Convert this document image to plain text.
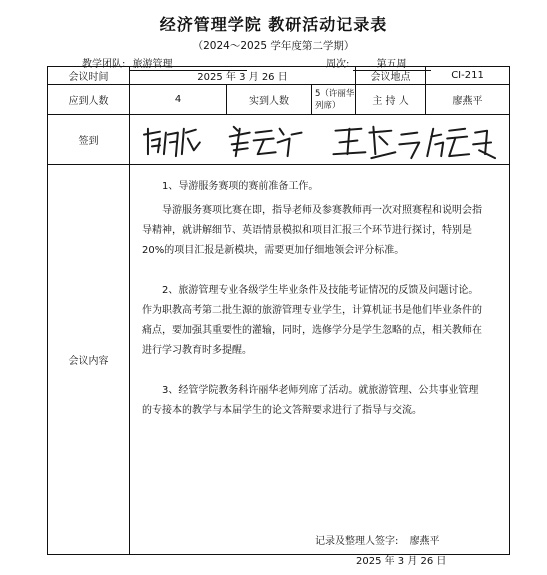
经济管理学院 教研活动记录表
（2024～2025 学年度第二学期）
教学团队: 旅游管理	周次:	第五周
会议时间	2025 年 3 月 26 日			会议地点	CI-211
应到人数	4	实到人数	5（许丽华列席）	主 持 人	廖燕平
签到	

会议内容	1、导游服务赛项的赛前准备工作。

导游服务赛项比赛在即，指导老师及参赛教师再一次对照赛程和说明会指导精神，就讲解细节、英语情景模拟和项目汇报三个环节进行探讨，特别是 20%的项目汇报是新模块，需要更加仔细地领会评分标准。

2、旅游管理专业各级学生毕业条件及技能考证情况的反馈及问题讨论。作为职教高考第二批生源的旅游管理专业学生，计算机证书是他们毕业条件的痛点，要加强其重要性的灌输，同时，选修学分是学生忽略的点，相关教师在进行学习教育时多提醒。

3、经管学院教务科许丽华老师列席了活动。就旅游管理、公共事业管理的专接本的教学与本届学生的论文答辩要求进行了指导与交流。				

记录及整理人签字: 廖燕平
2025 年 3 月 26 日
